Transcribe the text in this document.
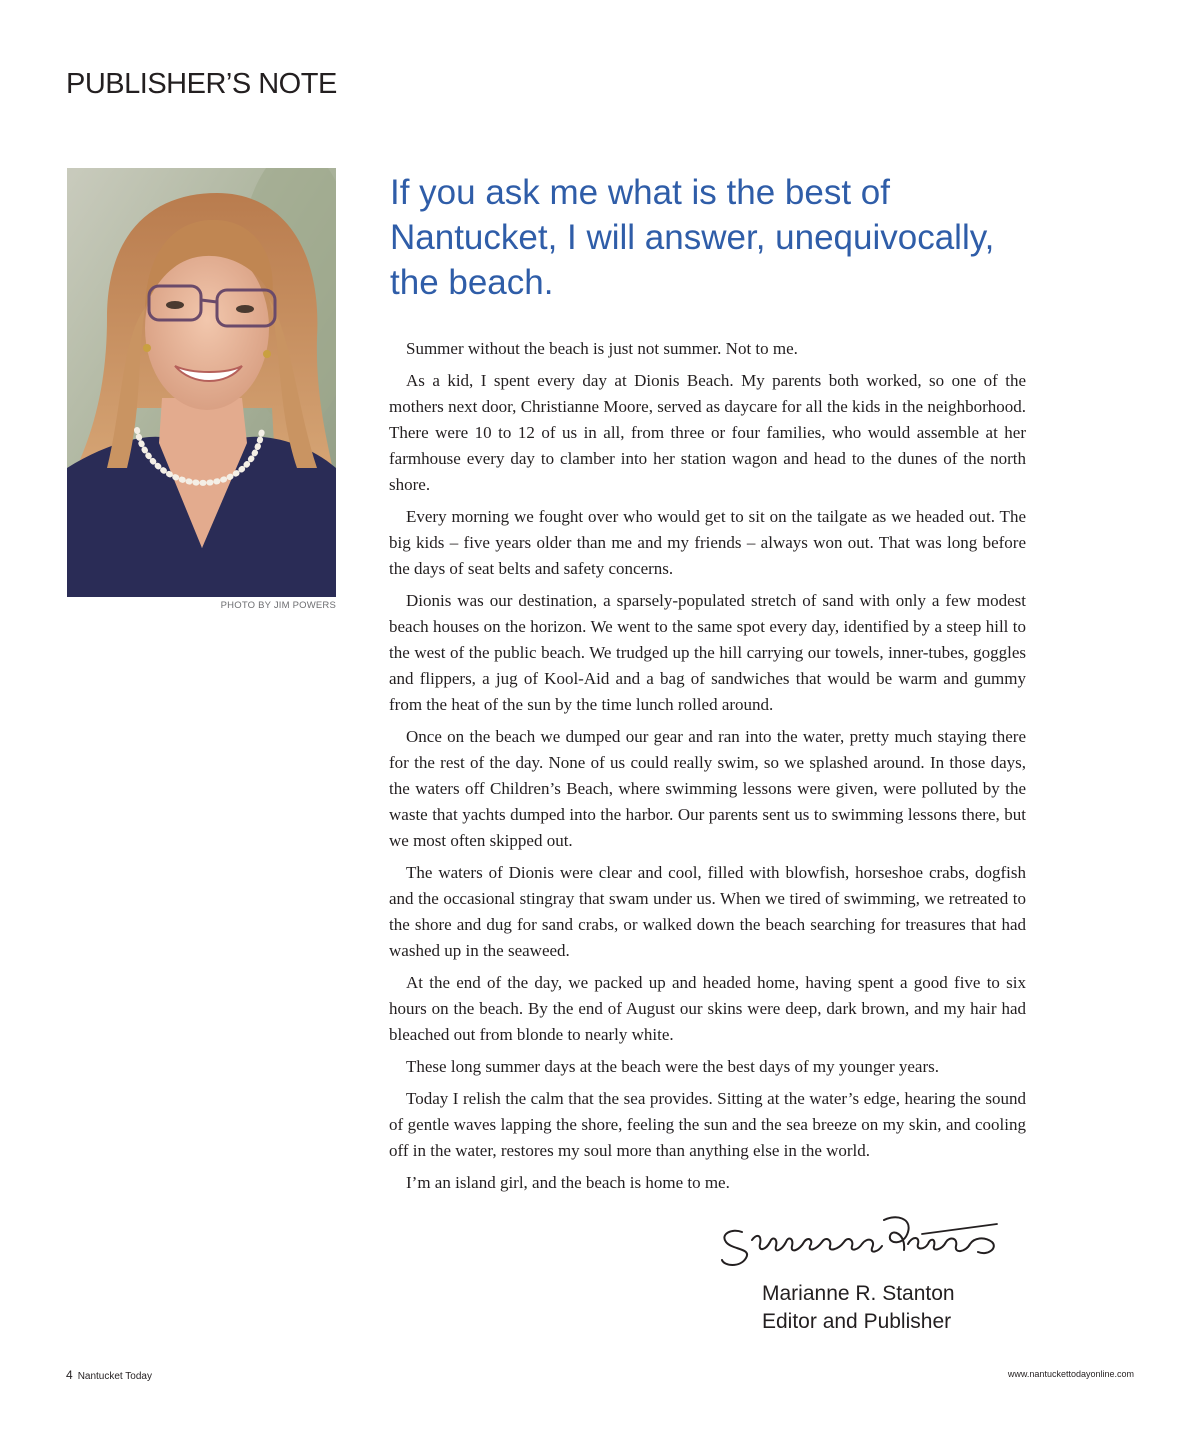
PUBLISHER’S NOTE
PHOTO BY JIM POWERS
If you ask me what is the best of Nantucket, I will answer, unequivocally, the beach.

Summer without the beach is just not summer. Not to me.

As a kid, I spent every day at Dionis Beach. My parents both worked, so one of the mothers next door, Christianne Moore, served as daycare for all the kids in the neighborhood. There were 10 to 12 of us in all, from three or four families, who would assemble at her farmhouse every day to clamber into her station wagon and head to the dunes of the north shore.

Every morning we fought over who would get to sit on the tailgate as we headed out. The big kids – five years older than me and my friends – always won out. That was long before the days of seat belts and safety concerns.

Dionis was our destination, a sparsely-populated stretch of sand with only a few modest beach houses on the horizon. We went to the same spot every day, identified by a steep hill to the west of the public beach. We trudged up the hill carrying our towels, inner-tubes, goggles and flippers, a jug of Kool-Aid and a bag of sandwiches that would be warm and gummy from the heat of the sun by the time lunch rolled around.

Once on the beach we dumped our gear and ran into the water, pretty much staying there for the rest of the day. None of us could really swim, so we splashed around. In those days, the waters off Children’s Beach, where swimming lessons were given, were polluted by the waste that yachts dumped into the harbor. Our parents sent us to swimming lessons there, but we most often skipped out.

The waters of Dionis were clear and cool, filled with blowfish, horseshoe crabs, dogfish and the occasional stingray that swam under us. When we tired of swimming, we retreated to the shore and dug for sand crabs, or walked down the beach searching for treasures that had washed up in the seaweed.

At the end of the day, we packed up and headed home, having spent a good five to six hours on the beach. By the end of August our skins were deep, dark brown, and my hair had bleached out from blonde to nearly white.

These long summer days at the beach were the best days of my younger years.

Today I relish the calm that the sea provides. Sitting at the water’s edge, hearing the sound of gentle waves lapping the shore, feeling the sun and the sea breeze on my skin, and cooling off in the water, restores my soul more than anything else in the world.

I’m an island girl, and the beach is home to me.

Marianne R. Stanton
Editor and Publisher
4 Nantucket Today	www.nantuckettodayonline.com
